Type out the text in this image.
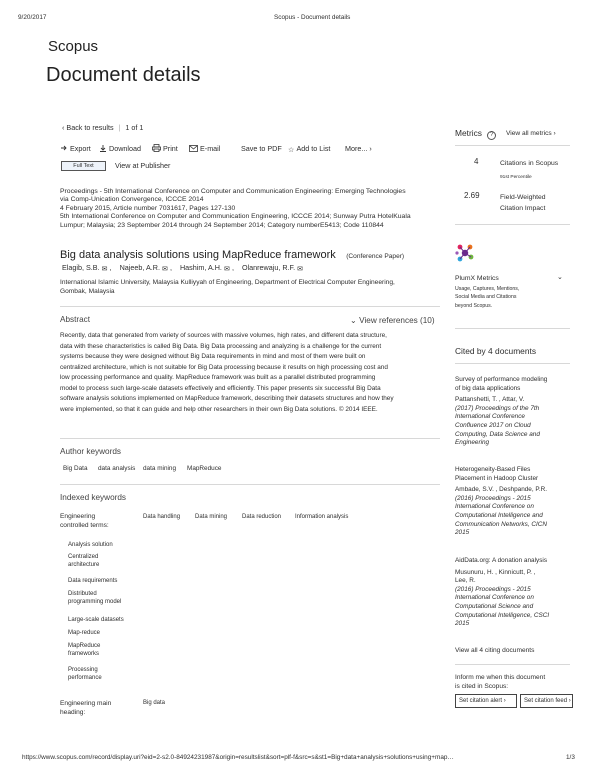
9/20/2017	Scopus - Document details
Scopus
Document details
‹ Back to results | 1 of 1
Export	Download	Print	E-mail	Save to PDF ☆ Add to List More... ›
Full Text	View at Publisher
Proceedings - 5th International Conference on Computer and Communication Engineering: Emerging Technologies
via Comp-Unication Convergence, ICCCE 2014
4 February 2015, Article number 7031617, Pages 127-130
5th International Conference on Computer and Communication Engineering, ICCCE 2014; Sunway Putra HotelKuala
Lumpur; Malaysia; 23 September 2014 through 24 September 2014; Category numberE5413; Code 110844
Big data analysis solutions using MapReduce framework (Conference Paper)
Elagib, S.B. ✉ , Najeeb, A.R. ✉ , Hashim, A.H. ✉ , Olanrewaju, R.F. ✉
International Islamic University, Malaysia Kulliyyah of Engineering, Department of Electrical Computer Engineering,
Gombak, Malaysia
Abstract	⌄ View references (10)
Recently, data that generated from variety of sources with massive volumes, high rates, and different data structure,
data with these characteristics is called Big Data. Big Data processing and analyzing is a challenge for the current
systems because they were designed without Big Data requirements in mind and most of them were built on
centralized architecture, which is not suitable for Big Data processing because it results on high processing cost and
low processing performance and quality. MapReduce framework was built as a parallel distributed programming
model to process such large-scale datasets effectively and efficiently. This paper presents six successful Big Data
software analysis solutions implemented on MapReduce framework, describing their datasets structures and how they
were implemented, so that it can guide and help other researchers in their own Big Data solutions. © 2014 IEEE.
Author keywords
Big Data data analysis data mining MapReduce
Indexed keywords
Engineering
controlled terms:
Data handling Data mining Data reduction Information analysis
Analysis solution
Centralized architecture
Data requirements
Distributed programming model
Large-scale datasets
Map-reduce
MapReduce frameworks
Processing performance
Engineering main
heading:
Big data
Metrics ?	View all metrics ›
4	Citations in Scopus
91st Percentile
2.69	Field-Weighted
Citation Impact
PlumX Metrics	⌄
Usage, Captures, Mentions,
Social Media and Citations
beyond Scopus.
Cited by 4 documents
Survey of performance modeling
of big data applications
Pattanshetti, T. , Attar, V.
(2017) Proceedings of the 7th
International Conference
Confluence 2017 on Cloud
Computing, Data Science and
Engineering
Heterogeneity-Based Files
Placement in Hadoop Cluster
Ambade, S.V. , Deshpande, P.R.
(2016) Proceedings - 2015
International Conference on
Computational Intelligence and
Communication Networks, CICN
2015
AidData.org: A donation analysis
Musunuru, H. , Kinnicutt, P. ,
Lee, R.
(2016) Proceedings - 2015
International Conference on
Computational Science and
Computational Intelligence, CSCI
2015
View all 4 citing documents
Inform me when this document
is cited in Scopus:
Set citation alert ›	Set citation feed ›
https://www.scopus.com/record/display.uri?eid=2-s2.0-84924231987&origin=resultslist&sort=plf-f&src=s&st1=Big+data+analysis+solutions+using+map…	1/3
